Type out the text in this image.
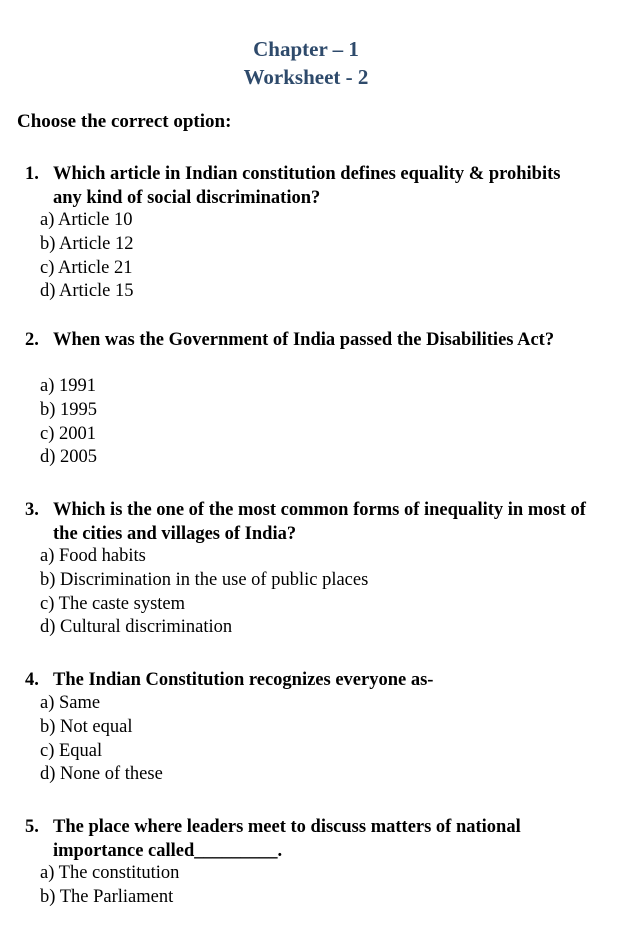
Chapter – 1
Worksheet - 2
Choose the correct option:
1. Which article in Indian constitution defines equality & prohibits any kind of social discrimination?
a) Article 10
b) Article 12
c) Article 21
d) Article 15
2. When was the Government of India passed the Disabilities Act?
a) 1991
b) 1995
c) 2001
d) 2005
3. Which is the one of the most common forms of inequality in most of the cities and villages of India?
a) Food habits
b) Discrimination in the use of public places
c) The caste system
d) Cultural discrimination
4. The Indian Constitution recognizes everyone as-
a) Same
b) Not equal
c) Equal
d) None of these
5. The place where leaders meet to discuss matters of national importance called_________.
a) The constitution
b) The Parliament
